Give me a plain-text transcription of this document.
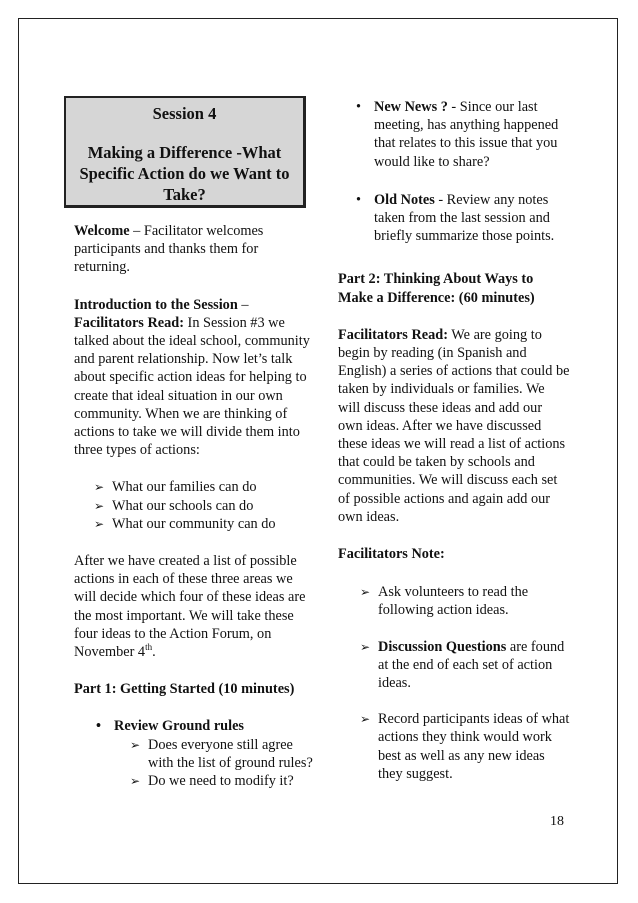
Session 4
Making a Difference -What Specific Action do we Want to Take?

Welcome – Facilitator welcomes participants and thanks them for returning.

Introduction to the Session – Facilitators Read: In Session #3 we talked about the ideal school, community and parent relationship. Now let’s talk about specific action ideas for helping to create that ideal situation in our own community. When we are thinking of actions to take we will divide them into three types of actions:

➢ What our families can do
➢ What our schools can do
➢ What our community can do

After we have created a list of possible actions in each of these three areas we will decide which four of these ideas are the most important. We will take these four ideas to the Action Forum, on November 4th.

Part 1: Getting Started (10 minutes)

• Review Ground rules
➢ Does everyone still agree with the list of ground rules?
➢ Do we need to modify it?
• New News ? - Since our last meeting, has anything happened that relates to this issue that you would like to share?
• Old Notes - Review any notes taken from the last session and briefly summarize those points.

Part 2: Thinking About Ways to Make a Difference: (60 minutes)

Facilitators Read: We are going to begin by reading (in Spanish and English) a series of actions that could be taken by individuals or families. We will discuss these ideas and add our own ideas. After we have discussed these ideas we will read a list of actions that could be taken by schools and communities. We will discuss each set of possible actions and again add our own ideas.

Facilitators Note:

➢ Ask volunteers to read the following action ideas.
➢ Discussion Questions are found at the end of each set of action ideas.
➢ Record participants ideas of what actions they think would work best as well as any new ideas they suggest.
18
